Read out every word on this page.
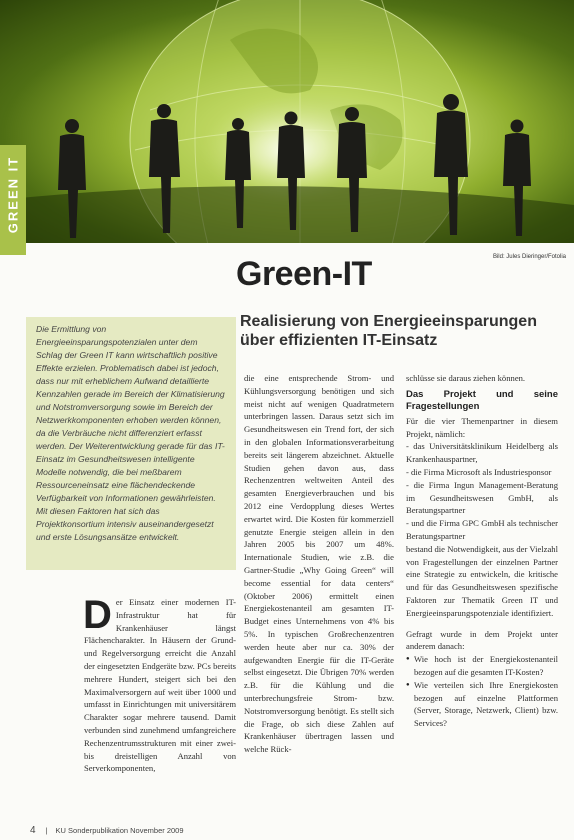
GREEN IT
Bild: Jules Dieringer/Fotolia
Green-IT
Realisierung von Energieeinsparungen über effizienten IT-Einsatz

Die Ermittlung von Energieeinsparungspotenzialen unter dem Schlag der Green IT kann wirtschaftlich positive Effekte erzielen. Problematisch dabei ist jedoch, dass nur mit erheblichem Aufwand detaillierte Kennzahlen gerade im Bereich der Klimatisierung und Notstromversorgung sowie im Bereich der Netzwerkkomponenten erhoben werden können, da die Verbräuche nicht differenziert erfasst werden. Der Weiterentwicklung gerade für das IT-Einsatz im Gesundheitswesen intelligente Modelle notwendig, die bei meßbarem Ressourceneinsatz eine flächendeckende Verfügbarkeit von Informationen gewährleisten. Mit diesen Faktoren hat sich das Projektkonsortium intensiv auseinandergesetzt und erste Lösungsansätze entwickelt.

Der Einsatz einer modernen IT-Infrastruktur hat für Krankenhäuser längst Flächencharakter. In Häusern der Grund- und Regelversorgung erreicht die Anzahl der eingesetzten Endgeräte bzw. PCs bereits mehrere Hundert, steigert sich bei den Maximalversorgern auf weit über 1000 und umfasst in Einrichtungen mit universitärem Charakter sogar mehrere tausend. Damit verbunden sind zunehmend umfangreichere Rechenzentrumsstrukturen mit einer zwei- bis dreistelligen Anzahl von Serverkomponenten,

die eine entsprechende Strom- und Kühlungsversorgung benötigen und sich meist nicht auf wenigen Quadratmetern unterbringen lassen. Daraus setzt sich im Gesundheitswesen ein Trend fort, der sich in den globalen Informationsverarbeitung bereits seit längerem abzeichnet. Aktuelle Studien gehen davon aus, dass Rechenzentren weltweiten Anteil des gesamten Energieverbrauchen und bis 2012 eine Verdopplung dieses Wertes erwartet wird. Die Kosten für kommerziell genutzte Energie steigen allein in den Jahren 2005 bis 2007 um 48%. Internationale Studien, wie z.B. die Gartner-Studie „Why Going Green“ will become essential for data centers“ (Oktober 2006) ermittelt einen Energiekostenanteil am gesamten IT-Budget eines Unternehmens von 4% bis 5%. In typischen Großrechenzentren werden heute aber nur ca. 30% der aufgewandten Energie für die IT-Geräte selbst eingesetzt. Die Übrigen 70% werden z.B. für die Kühlung und die unterbrechungsfreie Strom- bzw. Notstromversorgung benötigt. Es stellt sich die Frage, ob sich diese Zahlen auf Krankenhäuser übertragen lassen und welche Rück-

schlüsse sie daraus ziehen können.

Das Projekt und seine Fragestellungen

Für die vier Themenpartner in diesem Projekt, nämlich:

- das Universitätsklinikum Heidelberg als Krankenhauspartner,
- die Firma Microsoft als Industriesponsor
- die Firma Ingun Management-Beratung im Gesundheitswesen GmbH, als Beratungspartner
- und die Firma GPC GmbH als technischer Beratungspartner

bestand die Notwendigkeit, aus der Vielzahl von Fragestellungen der einzelnen Partner eine Strategie zu entwickeln, die kritische und für das Gesundheitswesen spezifische Faktoren zur Thematik Green IT und Energieeinsparungspotenziale identifiziert.

Gefragt wurde in dem Projekt unter anderem danach:

● Wie hoch ist der Energiekostenanteil bezogen auf die gesamten IT-Kosten?
● Wie verteilen sich Ihre Energiekosten bezogen auf einzelne Plattformen (Server, Storage, Netzwerk, Client) bzw. Services?
4 | KU Sonderpublikation November 2009
